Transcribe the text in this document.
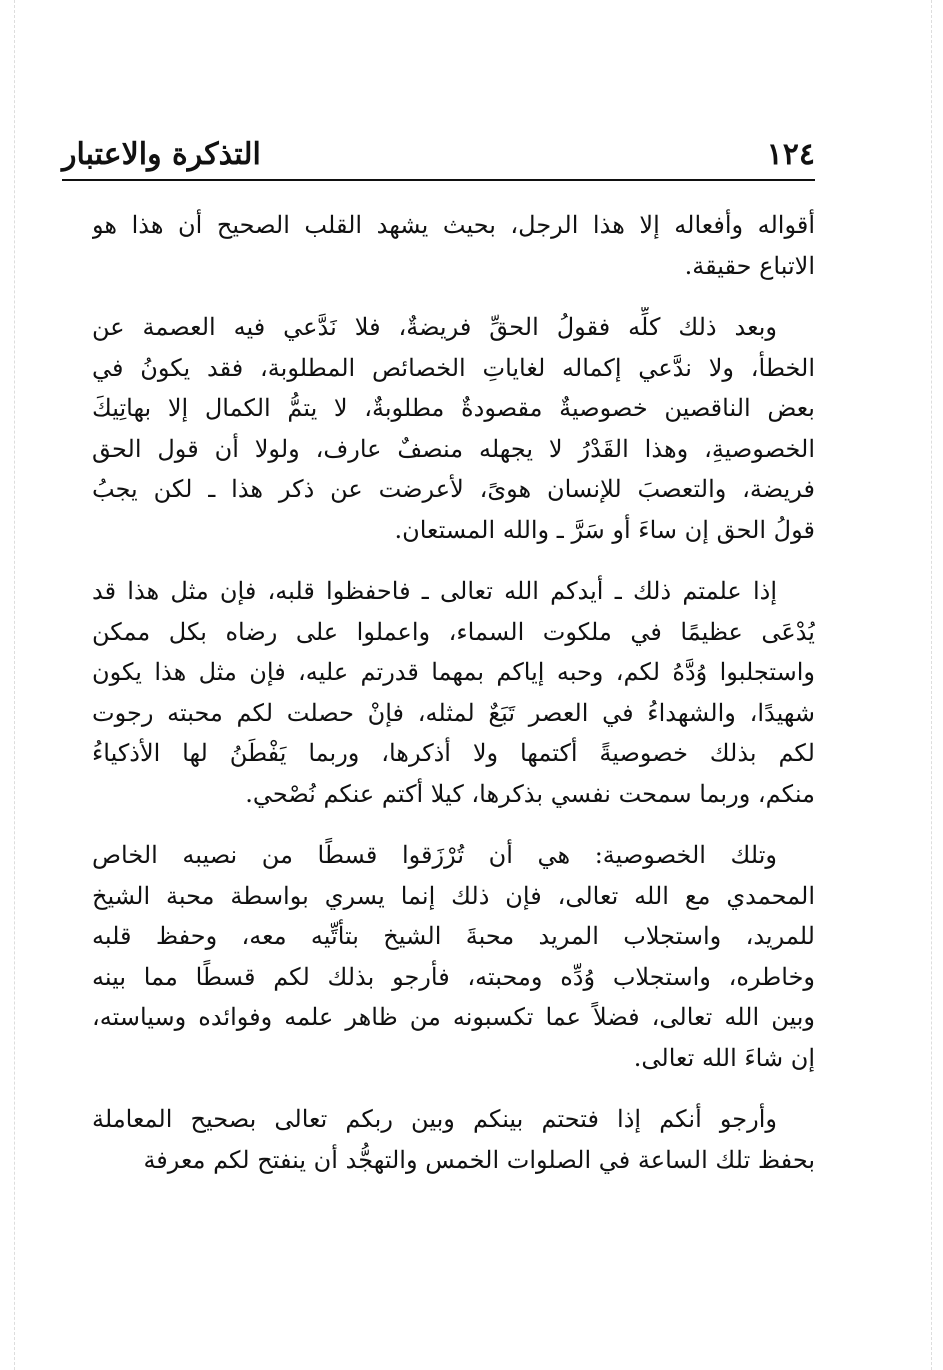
١٢٤
التذكرة والاعتبار

أقواله وأفعاله إلا هذا الرجل، بحيث يشهد القلب الصحيح أن هذا هو
الاتباع حقيقة.

وبعد ذلك كلِّه فقولُ الحقِّ فريضةٌ، فلا نَدَّعي فيه العصمة عن
الخطأ، ولا ندَّعي إكماله لغاياتِ الخصائص المطلوبة، فقد يكونُ في
بعض الناقصين خصوصيةٌ مقصودةٌ مطلوبةٌ، لا يتمُّ الكمال إلا بهاتِيكَ
الخصوصيةِ، وهذا القَدْرُ لا يجهله منصفٌ عارف، ولولا أن قول الحق
فريضة، والتعصبَ للإنسان هوىً، لأعرضت عن ذكر هذا ـ لكن يجبُ
قولُ الحق إن ساءَ أو سَرَّ ـ والله المستعان.

إذا علمتم ذلك ـ أيدكم الله تعالى ـ فاحفظوا قلبه، فإن مثل هذا قد
يُدْعَى عظيمًا في ملكوت السماء، واعملوا على رضاه بكل ممكن
واستجلبوا وُدَّهُ لكم، وحبه إياكم بمهما قدرتم عليه، فإن مثل هذا يكون
شهيدًا، والشهداءُ في العصر تَبَعٌ لمثله، فإنْ حصلت لكم محبته رجوت
لكم بذلك خصوصيةً أكتمها ولا أذكرها، وربما يَفْطَنُ لها الأذكياءُ
منكم، وربما سمحت نفسي بذكرها، كيلا أكتم عنكم نُصْحي.

وتلك الخصوصية: هي أن تُرْزَقوا قسطًا من نصيبه الخاص
المحمدي مع الله تعالى، فإن ذلك إنما يسري بواسطة محبة الشيخ
للمريد، واستجلاب المريد محبةَ الشيخ بتأتِّيه معه، وحفظ قلبه
وخاطره، واستجلاب وُدِّه ومحبته، فأرجو بذلك لكم قسطًا مما بينه
وبين الله تعالى، فضلاً عما تكسبونه من ظاهر علمه وفوائده وسياسته،
إن شاءَ الله تعالى.

وأرجو أنكم إذا فتحتم بينكم وبين ربكم تعالى بصحيح المعاملة
بحفظ تلك الساعة في الصلوات الخمس والتهجُّد أن ينفتح لكم معرفة
